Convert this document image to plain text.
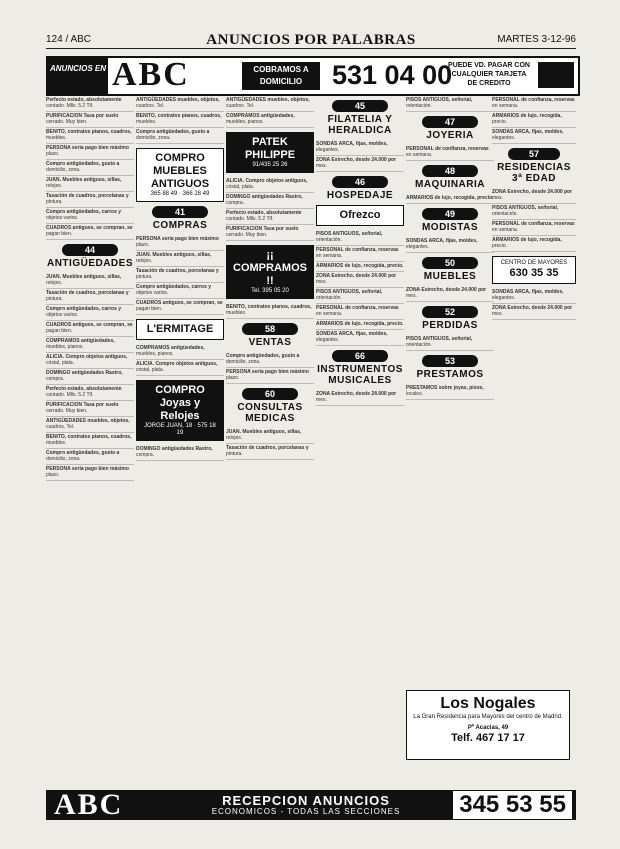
124 / ABC	ANUNCIOS POR PALABRAS	MARTES 3-12-96
ANUNCIOS EN ABC	COBRAMOS A DOMICILIO	531 04 00
PUEDE VD. PAGAR CON CUALQUIER TARJETA DE CREDITO
Perfecto estado, absolutamente contado. Mlls. 5.2 Tlf.
PURIFICACION Tasa por suelo cerrado. Muy bien.
BENITO, contratos pianos, cuadros, muebles.
PERSONA seria pago bien máximo plazo.
Compro antigüedades, gusto a domicilio, zona.
JUAN. Muebles antiguos, sillas, relojes.
Tasación de cuadros, porcelanas y pintura.
Compro antigüedades, carros y objetos varios.
CUADROS antiguos, se compran, se pagan bien.
44
ANTIGÜEDADES
JUAN. Muebles antiguos, sillas, relojes.
Tasación de cuadros, porcelanas y pintura.
Compro antigüedades, carros y objetos varios.
CUADROS antiguos, se compran, se pagan bien.
COMPRAMOS antigüedades, muebles, pianos.
ALICIA. Compro objetos antiguos, cristal, plata.
DOMINGO antigüedades Rastro, compra.
Perfecto estado, absolutamente contado. Mlls. 5.2 Tlf.
PURIFICACION Tasa por suelo cerrado. Muy bien.
ANTIGÜEDADES muebles, objetos, cuadros. Tel.
BENITO, contratos pianos, cuadros, muebles.
Compro antigüedades, gusto a domicilio, zona.
PERSONA seria pago bien máximo plazo.
ANTIGÜEDADES muebles, objetos, cuadros. Tel.
BENITO, contratos pianos, cuadros, muebles.
Compro antigüedades, gusto a domicilio, zona.
COMPRO MUEBLES ANTIGUOS
365 88 49 · 366 28 49
41
COMPRAS
PERSONA seria pago bien máximo plazo.
JUAN. Muebles antiguos, sillas, relojes.
Tasación de cuadros, porcelanas y pintura.
Compro antigüedades, carros y objetos varios.
CUADROS antiguos, se compran, se pagan bien.
L'ERMITAGE
COMPRAMOS antigüedades, muebles, pianos.
ALICIA. Compro objetos antiguos, cristal, plata.
COMPRO Joyas y Relojes
JORGE JUAN, 18 · 575 18 19
DOMINGO antigüedades Rastro, compra.
ANTIGÜEDADES muebles, objetos, cuadros. Tel.
COMPRAMOS antigüedades, muebles, pianos.
PATEK PHILIPPE
91/435 25 26
ALICIA. Compro objetos antiguos, cristal, plata.
DOMINGO antigüedades Rastro, compra.
Perfecto estado, absolutamente contado. Mlls. 5.2 Tlf.
PURIFICACION Tasa por suelo cerrado. Muy bien.
¡¡ COMPRAMOS !!
Tel. 395 05 20
BENITO, contratos pianos, cuadros, muebles.
58
VENTAS
Compro antigüedades, gusto a domicilio, zona.
PERSONA seria pago bien máximo plazo.
60
CONSULTAS MEDICAS
JUAN. Muebles antiguos, sillas, relojes.
Tasación de cuadros, porcelanas y pintura.
45
FILATELIA Y HERALDICA
SONDAS ARCA, fijas, moldes, elegantes.
ZONA Estrecho, desde 24.000 por mes.
46
HOSPEDAJE
Ofrezco
PISOS ANTIGUOS, señorial, orientación.
PERSONAL de confianza, reservas en semana.
ARMARIOS de lujo, recogida, precio.
ZONA Estrecho, desde 24.000 por mes.
PISOS ANTIGUOS, señorial, orientación.
PERSONAL de confianza, reservas en semana.
ARMARIOS de lujo, recogida, precio.
SONDAS ARCA, fijas, moldes, elegantes.
66
INSTRUMENTOS MUSICALES
ZONA Estrecho, desde 24.000 por mes.
PISOS ANTIGUOS, señorial, orientación.
47
JOYERIA
PERSONAL de confianza, reservas en semana.
48
MAQUINARIA
ARMARIOS de lujo, recogida, precio.
49
MODISTAS
SONDAS ARCA, fijas, moldes, elegantes.
50
MUEBLES
ZONA Estrecho, desde 24.000 por mes.
52
PERDIDAS
PISOS ANTIGUOS, señorial, orientación.
53
PRESTAMOS
PRESTAMOS sobre joyas, pisos, locales.
PERSONAL de confianza, reservas en semana.
ARMARIOS de lujo, recogida, precio.
SONDAS ARCA, fijas, moldes, elegantes.
57
RESIDENCIAS 3ª EDAD
ZONA Estrecho, desde 24.000 por mes.
PISOS ANTIGUOS, señorial, orientación.
PERSONAL de confianza, reservas en semana.
ARMARIOS de lujo, recogida, precio.
CENTRO DE MAYORES
630 35 35
SONDAS ARCA, fijas, moldes, elegantes.
ZONA Estrecho, desde 24.000 por mes.
Los Nogales
La Gran Residencia para Mayores del centro de Madrid.
Pº Acacias, 49
Telf. 467 17 17
ABC	RECEPCION ANUNCIOS
ECONOMICOS - TODAS LAS SECCIONES	345 53 55
